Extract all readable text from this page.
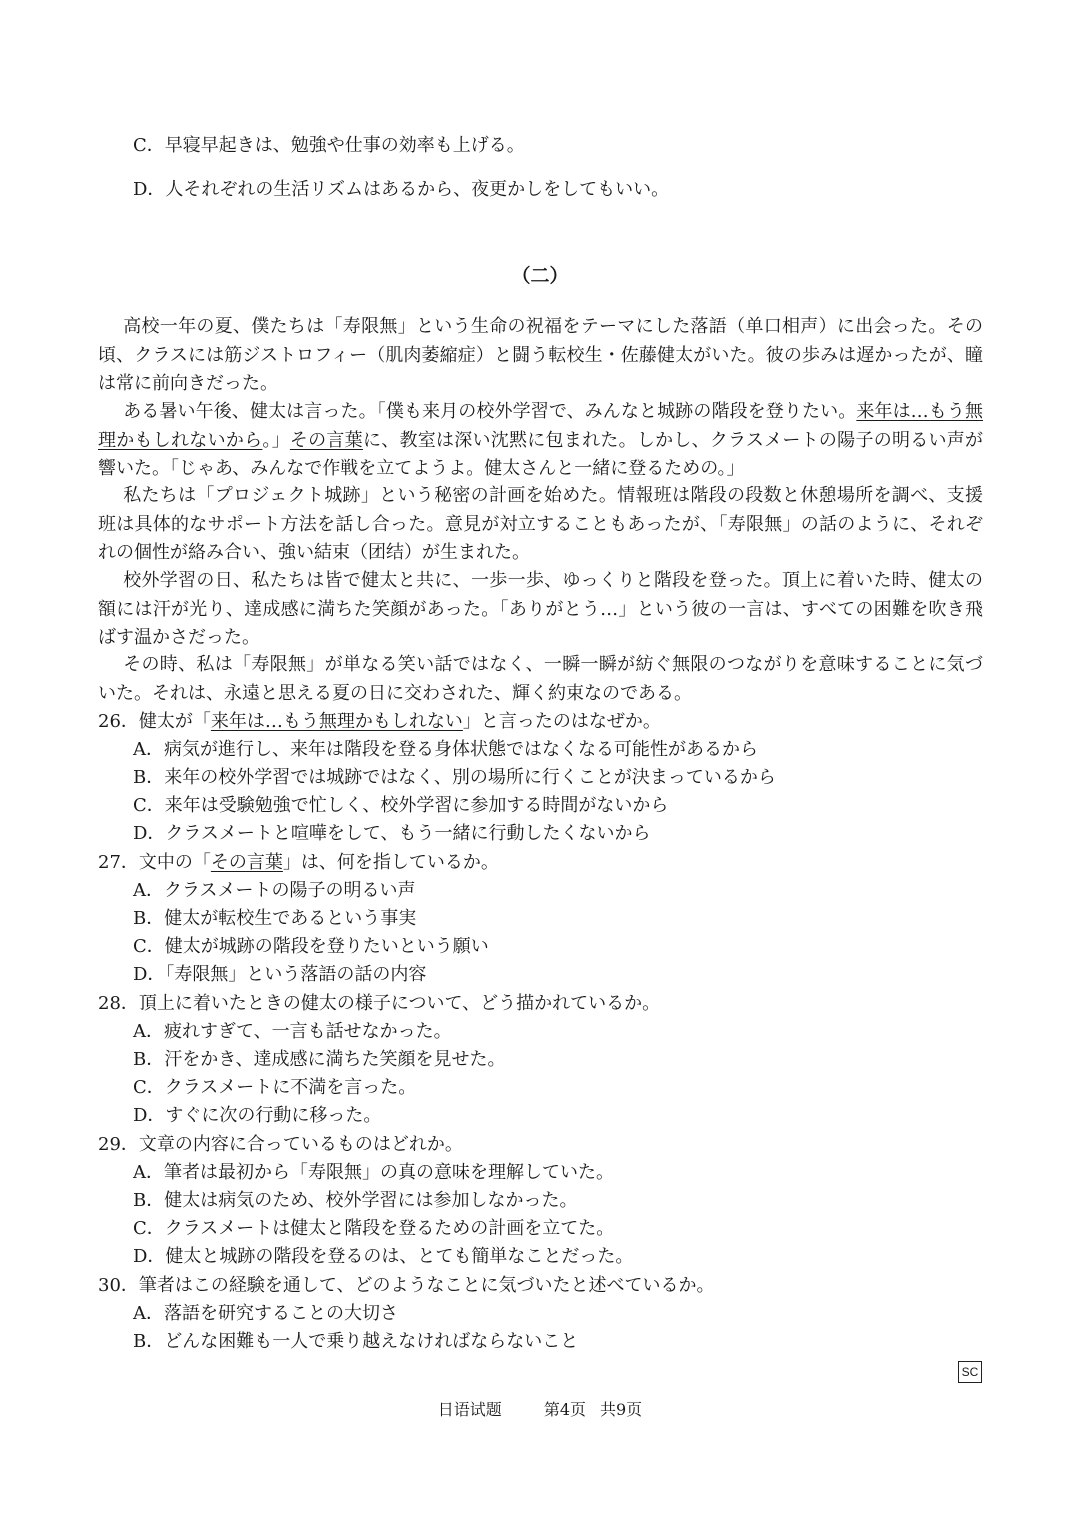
C．早寝早起きは、勉強や仕事の効率も上げる。
D．人それぞれの生活リズムはあるから、夜更かしをしてもいい。
（二）
高校一年の夏、僕たちは「寿限無」という生命の祝福をテーマにした落語（单口相声）に出会った。その頃、クラスには筋ジストロフィー（肌肉萎縮症）と闘う転校生・佐藤健太がいた。彼の歩みは遅かったが、瞳は常に前向きだった。
ある暑い午後、健太は言った。「僕も来月の校外学習で、みんなと城跡の階段を登りたい。来年は…もう無理かもしれないから。」その言葉に、教室は深い沈黙に包まれた。しかし、クラスメートの陽子の明るい声が響いた。「じゃあ、みんなで作戦を立てようよ。健太さんと一緒に登るための。」
私たちは「プロジェクト城跡」という秘密の計画を始めた。情報班は階段の段数と休憩場所を調べ、支援班は具体的なサポート方法を話し合った。意見が対立することもあったが、「寿限無」の話のように、それぞれの個性が絡み合い、強い結束（团结）が生まれた。
校外学習の日、私たちは皆で健太と共に、一歩一歩、ゆっくりと階段を登った。頂上に着いた時、健太の額には汗が光り、達成感に満ちた笑顔があった。「ありがとう…」という彼の一言は、すべての困難を吹き飛ばす温かさだった。
その時、私は「寿限無」が単なる笑い話ではなく、一瞬一瞬が紡ぐ無限のつながりを意味することに気づいた。それは、永遠と思える夏の日に交わされた、輝く約束なのである。
26．健太が「来年は…もう無理かもしれない」と言ったのはなぜか。
A．病気が進行し、来年は階段を登る身体状態ではなくなる可能性があるから
B．来年の校外学習では城跡ではなく、別の場所に行くことが決まっているから
C．来年は受験勉強で忙しく、校外学習に参加する時間がないから
D．クラスメートと喧嘩をして、もう一緒に行動したくないから
27．文中の「その言葉」は、何を指しているか。
A．クラスメートの陽子の明るい声
B．健太が転校生であるという事実
C．健太が城跡の階段を登りたいという願い
D．「寿限無」という落語の話の内容
28．頂上に着いたときの健太の様子について、どう描かれているか。
A．疲れすぎて、一言も話せなかった。
B．汗をかき、達成感に満ちた笑顔を見せた。
C．クラスメートに不満を言った。
D．すぐに次の行動に移った。
29．文章の内容に合っているものはどれか。
A．筆者は最初から「寿限無」の真の意味を理解していた。
B．健太は病気のため、校外学習には参加しなかった。
C．クラスメートは健太と階段を登るための計画を立てた。
D．健太と城跡の階段を登るのは、とても簡単なことだった。
30．筆者はこの経験を通して、どのようなことに気づいたと述べているか。
A．落語を研究することの大切さ
B．どんな困難も一人で乗り越えなければならないこと
SC
日语试题	第4页 共9页
